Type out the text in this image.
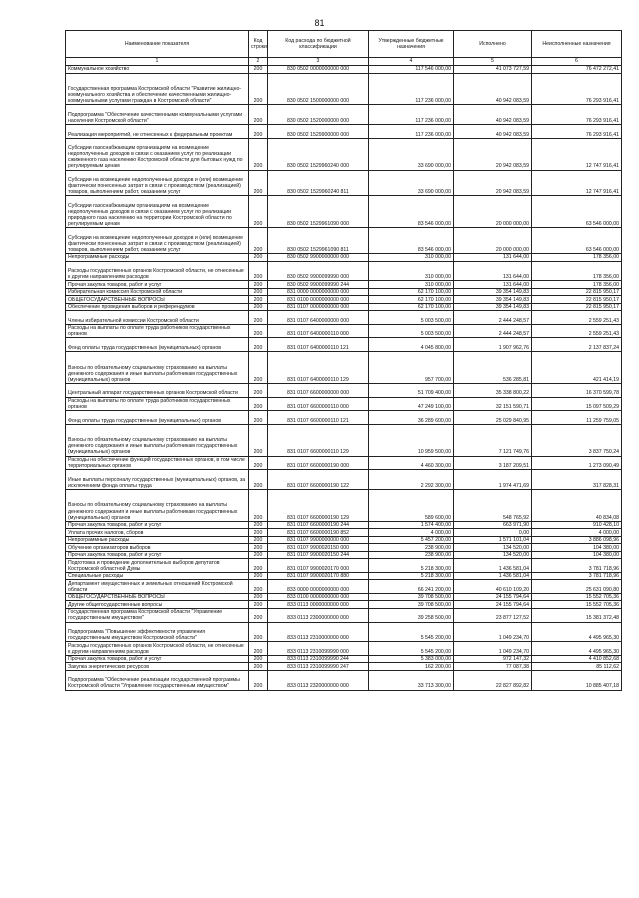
81
Наименование показателя	Код строки	Код расхода по бюджетной классификации	Утвержденные бюджетные назначения	Исполнено	Неисполненные назначения
1	2	3	4	5	6
Коммунальное хозяйство	200	830 0502 0000000000 000	117 546 000,00	41 073 727,59	76 472 272,41
Государственная программа Костромской области "Развитие жилищно-коммунального хозяйства и обеспечение качественными жилищно-коммунальными услугами граждан в Костромской области"	200	830 0502 1500000000 000	117 236 000,00	40 942 083,59	76 293 916,41
Подпрограмма "Обеспечение качественными коммунальными услугами населения Костромской области"	200	830 0502 1520000000 000	117 236 000,00	40 942 083,59	76 293 916,41
Реализация мероприятий, не отнесенных к федеральным проектам	200	830 0502 1529900000 000	117 236 000,00	40 942 083,59	76 293 916,41
Субсидии газоснабжающим организациям на возмещение недополученных доходов в связи с оказанием услуг по реализации сжиженного газа населению Костромской области для бытовых нужд по регулируемым ценам	200	830 0502 1529960240 000	33 690 000,00	20 942 083,59	12 747 916,41
Субсидии на возмещение недополученных доходов и (или) возмещение фактически понесенных затрат в связи с производством (реализацией) товаров, выполнением работ, оказанием услуг	200	830 0502 1529960240 811	33 690 000,00	20 942 083,59	12 747 916,41
Субсидии газоснабжающим организациям на возмещение недополученных доходов в связи с оказанием услуг по реализации природного газа населению на территории Костромской области по регулируемым ценам	200	830 0502 1529961090 000	83 546 000,00	20 000 000,00	63 546 000,00
Субсидии на возмещение недополученных доходов и (или) возмещение фактически понесенных затрат в связи с производством (реализацией) товаров, выполнением работ, оказанием услуг	200	830 0502 1529961090 811	83 546 000,00	20 000 000,00	63 546 000,00
Непрограммные расходы	200	830 0502 9900000000 000	310 000,00	131 644,00	178 356,00
Расходы государственных органов Костромской области, не отнесенные к другим направлениям расходов	200	830 0502 9900099990 000	310 000,00	131 644,00	178 356,00
Прочая закупка товаров, работ и услуг	200	830 0502 9900099990 244	310 000,00	131 644,00	178 356,00
Избирательная комиссия Костромской области	200	831 0000 0000000000 000	62 170 100,00	39 354 149,83	22 815 950,17
ОБЩЕГОСУДАРСТВЕННЫЕ ВОПРОСЫ	200	831 0100 0000000000 000	62 170 100,00	39 354 149,83	22 815 950,17
Обеспечение проведения выборов и референдумов	200	831 0107 0000000000 000	62 170 100,00	39 354 149,83	22 815 950,17
Члены избирательной комиссии Костромской области	200	831 0107 6400000000 000	5 003 500,00	2 444 248,57	2 559 251,43
Расходы на выплаты по оплате труда работников государственных органов	200	831 0107 6400000110 000	5 003 500,00	2 444 248,57	2 559 251,43
Фонд оплаты труда государственных (муниципальных) органов	200	831 0107 6400000110 121	4 045 800,00	1 907 962,76	2 137 837,24
Взносы по обязательному социальному страхованию на выплаты денежного содержания и иные выплаты работникам государственных (муниципальных) органов	200	831 0107 6400000110 129	957 700,00	536 285,81	421 414,19
Центральный аппарат государственных органов Костромской области	200	831 0107 6600000000 000	51 709 400,00	35 338 800,22	16 370 599,78
Расходы на выплаты по оплате труда работников государственных органов	200	831 0107 6600000110 000	47 249 100,00	32 151 590,71	15 097 509,29
Фонд оплаты труда государственных (муниципальных) органов	200	831 0107 6600000110 121	36 289 600,00	25 029 840,95	11 259 759,05
Взносы по обязательному социальному страхованию на выплаты денежного содержания и иные выплаты работникам государственных (муниципальных) органов	200	831 0107 6600000110 129	10 959 500,00	7 121 749,76	3 837 750,24
Расходы на обеспечение функций государственных органов, в том числе территориальных органов	200	831 0107 6600000190 000	4 460 300,00	3 187 209,51	1 273 090,49
Иные выплаты персоналу государственных (муниципальных) органов, за исключением фонда оплаты труда	200	831 0107 6600000190 122	2 292 300,00	1 974 471,69	317 828,31
Взносы по обязательному социальному страхованию на выплаты денежного содержания и иные выплаты работникам государственных (муниципальных) органов	200	831 0107 6600000190 129	589 600,00	548 765,92	40 834,08
Прочая закупка товаров, работ и услуг	200	831 0107 6600000190 244	1 574 400,00	663 971,90	910 428,10
Уплата прочих налогов, сборов	200	831 0107 6600000190 852	4 000,00	0,00	4 000,00
Непрограммные расходы	200	831 0107 9900000000 000	5 457 200,00	1 571 101,04	3 886 098,96
Обучение организаторов выборов	200	831 0107 9900020150 000	238 900,00	134 520,00	104 380,00
Прочая закупка товаров, работ и услуг	200	831 0107 9900020150 244	238 900,00	134 520,00	104 380,00
Подготовка и проведение дополнительных выборов депутатов Костромской областной Думы	200	831 0107 9900020170 000	5 218 300,00	1 436 581,04	3 781 718,96
Специальные расходы	200	831 0107 9900020170 880	5 218 300,00	1 436 581,04	3 781 718,96
Департамент имущественных и земельных отношений Костромской области	200	833 0000 0000000000 000	66 241 200,00	40 610 109,20	25 631 090,80
ОБЩЕГОСУДАРСТВЕННЫЕ ВОПРОСЫ	200	833 0100 0000000000 000	39 708 500,00	24 155 794,64	15 552 705,36
Другие общегосударственные вопросы	200	833 0113 0000000000 000	39 708 500,00	24 155 794,64	15 552 705,36
Государственная программа Костромской области "Управление государственным имуществом"	200	833 0113 2300000000 000	39 258 500,00	23 877 127,52	15 381 372,48
Подпрограмма "Повышение эффективности управления государственным имуществом Костромской области"	200	833 0113 2310000000 000	5 545 200,00	1 049 234,70	4 495 965,30
Расходы государственных органов Костромской области, не отнесенные к другим направлениям расходов	200	833 0113 2310099990 000	5 545 200,00	1 049 234,70	4 495 965,30
Прочая закупка товаров, работ и услуг	200	833 0113 2310099990 244	5 383 000,00	972 147,32	4 410 852,68
Закупка энергетических ресурсов	200	833 0113 2310099990 247	162 200,00	77 087,38	85 112,62
Подпрограмма "Обеспечение реализации государственной программы Костромской области "Управление государственным имуществом"	200	833 0113 2320000000 000	33 713 300,00	22 827 892,82	10 885 407,18
